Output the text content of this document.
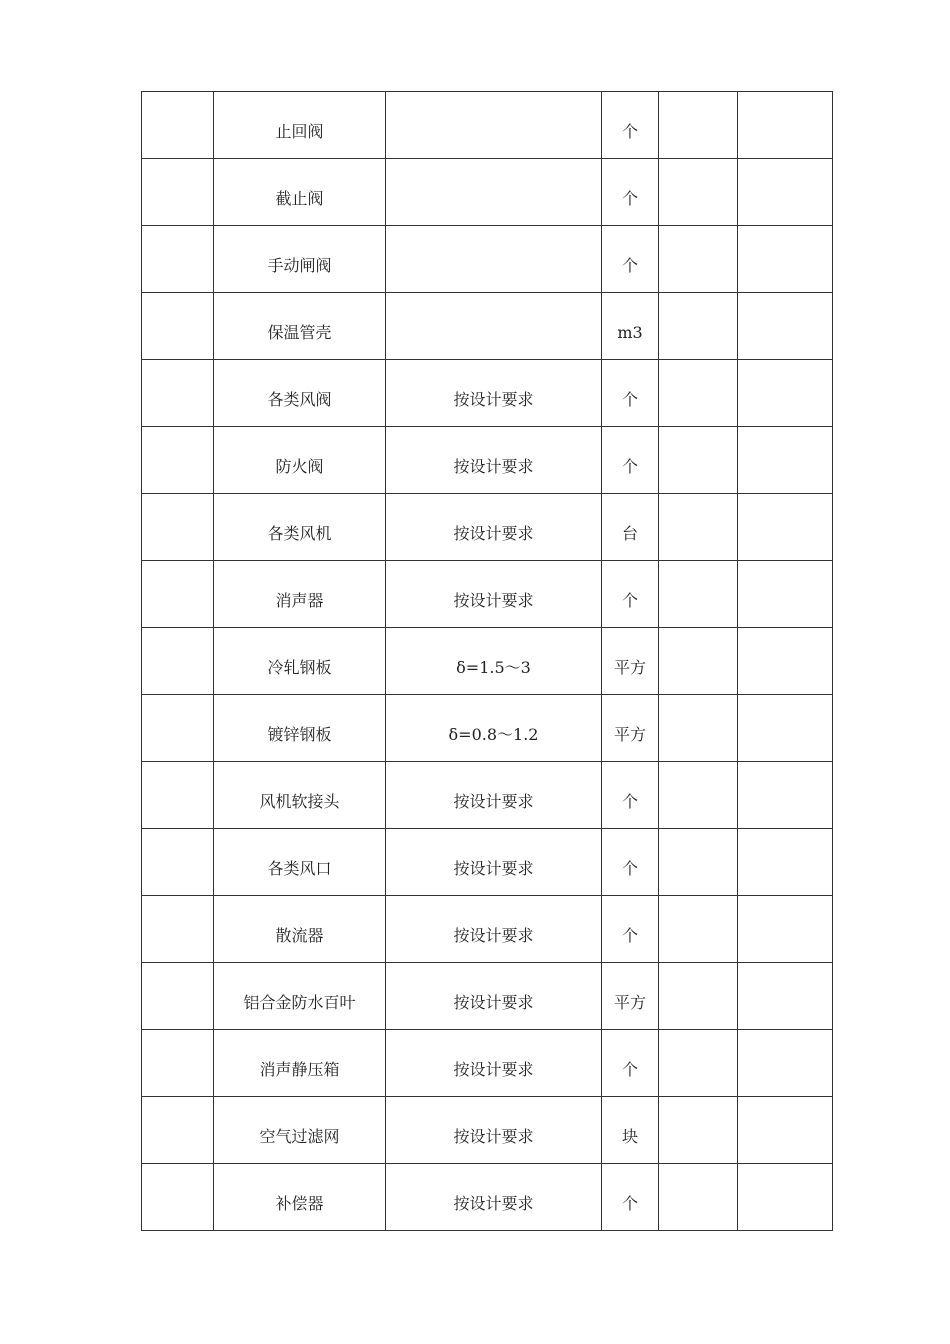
	止回阀		个		
	截止阀		个		
	手动闸阀		个		
	保温管壳		m3		
	各类风阀	按设计要求	个		
	防火阀	按设计要求	个		
	各类风机	按设计要求	台		
	消声器	按设计要求	个		
	冷轧钢板	δ=1.5～3	平方		
	镀锌钢板	δ=0.8～1.2	平方		
	风机软接头	按设计要求	个		
	各类风口	按设计要求	个		
	散流器	按设计要求	个		
	铝合金防水百叶	按设计要求	平方		
	消声静压箱	按设计要求	个		
	空气过滤网	按设计要求	块		
	补偿器	按设计要求	个		
